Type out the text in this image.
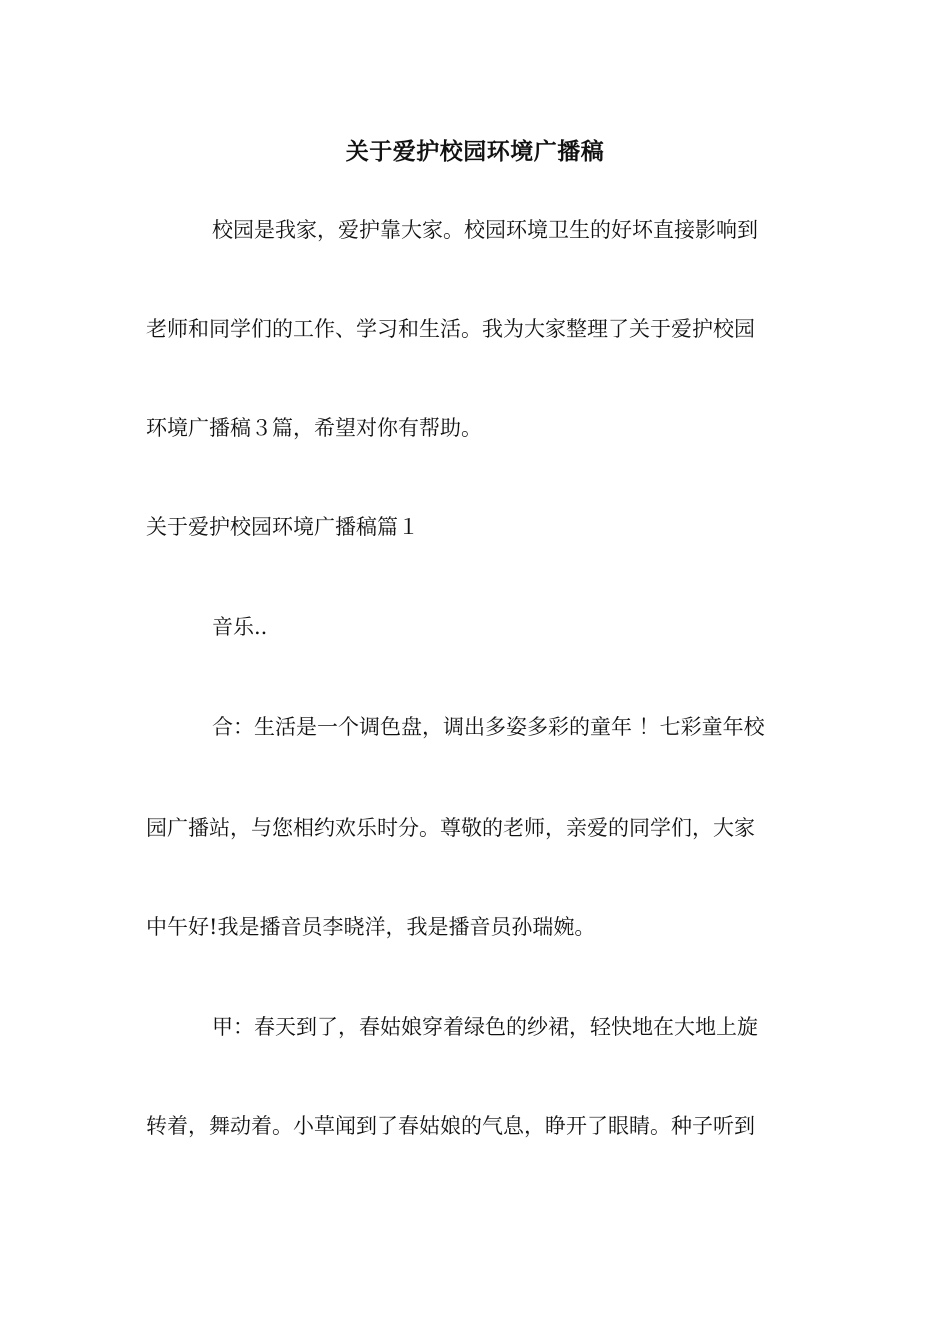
关于爱护校园环境广播稿
校园是我家，爱护靠大家。校园环境卫生的好坏直接影响到
老师和同学们的工作、学习和生活。我为大家整理了关于爱护校园
环境广播稿３篇，希望对你有帮助。
关于爱护校园环境广播稿篇１
音乐..
合：生活是一个调色盘，调出多姿多彩的童年 ！七彩童年校
园广播站，与您相约欢乐时分。尊敬的老师，亲爱的同学们，大家
中午好!我是播音员李晓洋，我是播音员孙瑞婉。
甲：春天到了，春姑娘穿着绿色的纱裙，轻快地在大地上旋
转着，舞动着。小草闻到了春姑娘的气息，睁开了眼睛。种子听到
